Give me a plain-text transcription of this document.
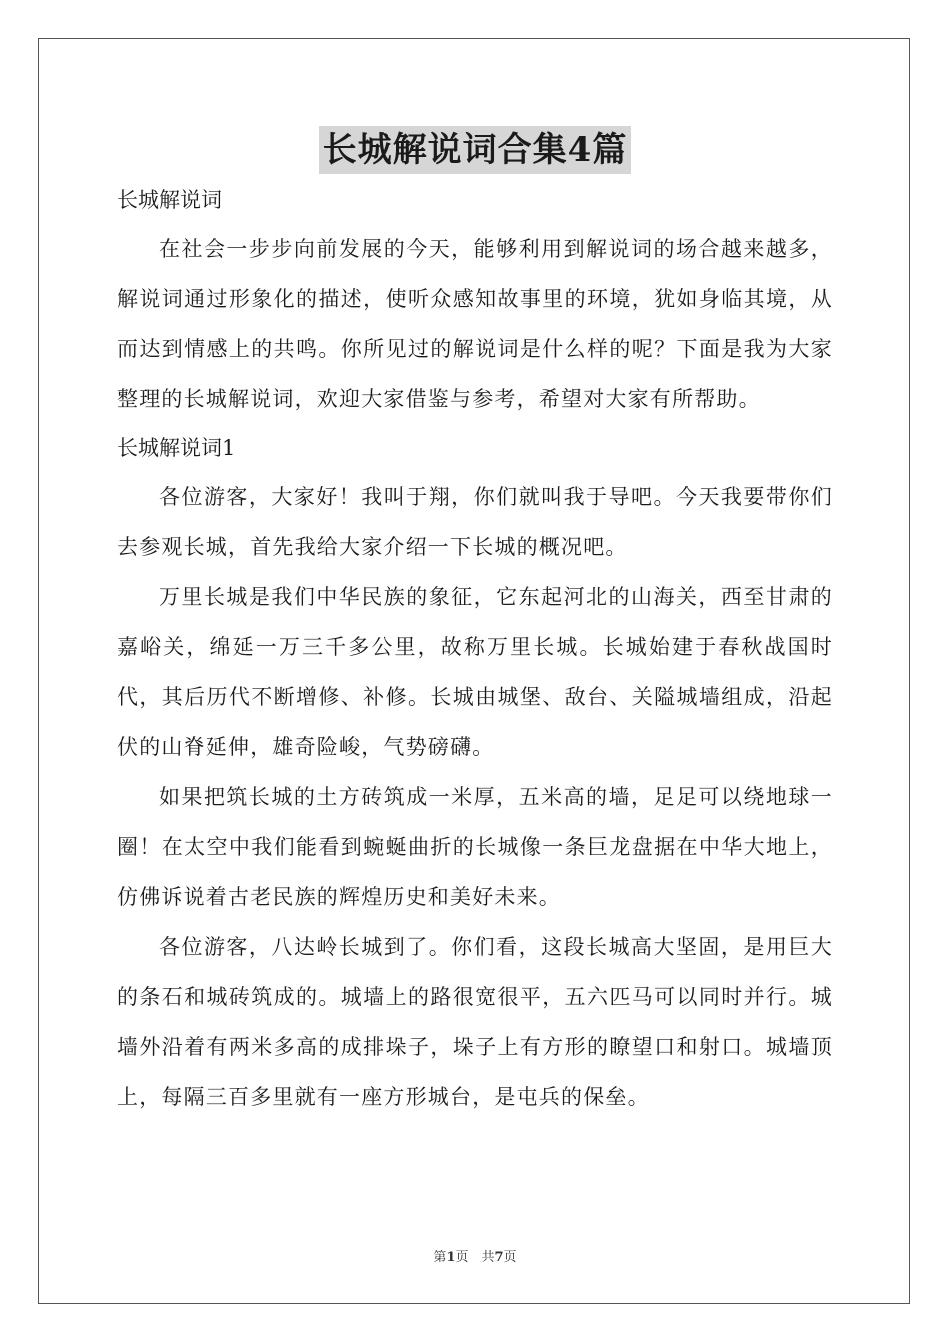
长城解说词合集4篇

长城解说词

在社会一步步向前发展的今天，能够利用到解说词的场合越来越多，解说词通过形象化的描述，使听众感知故事里的环境，犹如身临其境，从而达到情感上的共鸣。你所见过的解说词是什么样的呢？下面是我为大家整理的长城解说词，欢迎大家借鉴与参考，希望对大家有所帮助。

长城解说词1

各位游客，大家好！我叫于翔，你们就叫我于导吧。今天我要带你们去参观长城，首先我给大家介绍一下长城的概况吧。

万里长城是我们中华民族的象征，它东起河北的山海关，西至甘肃的嘉峪关，绵延一万三千多公里，故称万里长城。长城始建于春秋战国时代，其后历代不断增修、补修。长城由城堡、敌台、关隘城墙组成，沿起伏的山脊延伸，雄奇险峻，气势磅礴。

如果把筑长城的土方砖筑成一米厚，五米高的墙，足足可以绕地球一圈！在太空中我们能看到蜿蜒曲折的长城像一条巨龙盘据在中华大地上，仿佛诉说着古老民族的辉煌历史和美好未来。

各位游客，八达岭长城到了。你们看，这段长城高大坚固，是用巨大的条石和城砖筑成的。城墙上的路很宽很平，五六匹马可以同时并行。城墙外沿着有两米多高的成排垛子，垛子上有方形的瞭望口和射口。城墙顶上，每隔三百多里就有一座方形城台，是屯兵的保垒。

第1页　共7页
